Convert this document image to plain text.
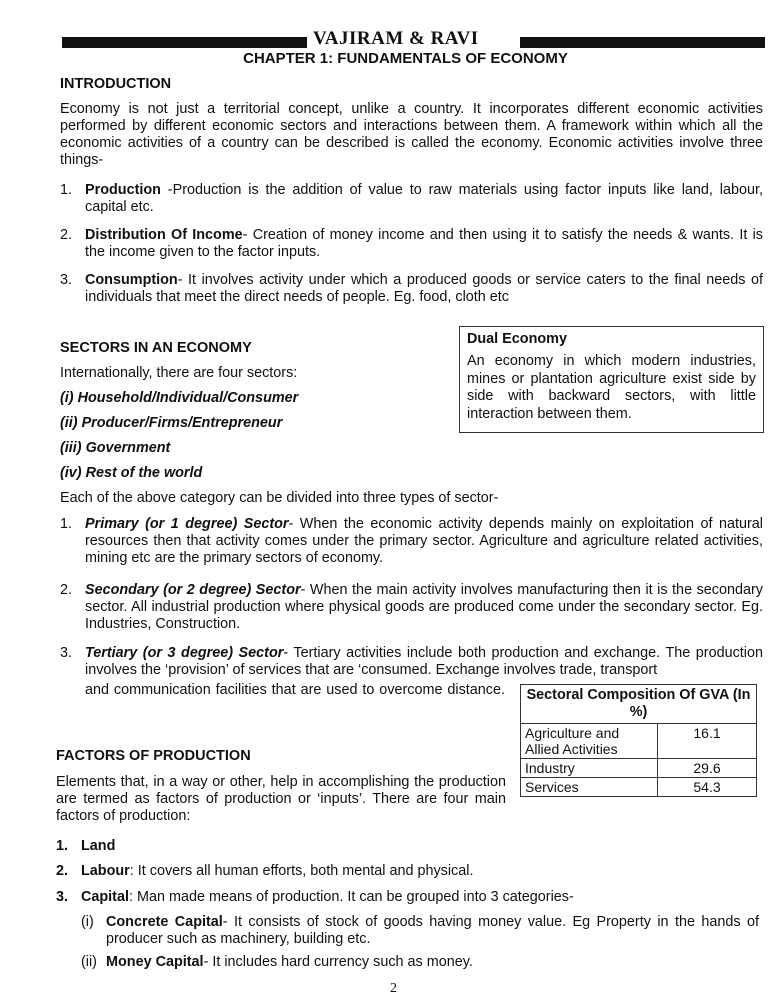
VAJIRAM & RAVI
CHAPTER 1: FUNDAMENTALS OF ECONOMY
INTRODUCTION

Economy is not just a territorial concept, unlike a country. It incorporates different economic activities performed by different economic sectors and interactions between them. A framework within which all the economic activities of a country can be described is called the economy. Economic activities involve three things-

1. Production -Production is the addition of value to raw materials using factor inputs like land, labour, capital etc.

2. Distribution Of Income- Creation of money income and then using it to satisfy the needs & wants. It is the income given to the factor inputs.

3. Consumption- It involves activity under which a produced goods or service caters to the final needs of individuals that meet the direct needs of people. Eg. food, cloth etc

Dual Economy

An economy in which modern industries, mines or plantation agriculture exist side by side with backward sectors, with little interaction between them.

SECTORS IN AN ECONOMY

Internationally, there are four sectors:

(i) Household/Individual/Consumer
(ii) Producer/Firms/Entrepreneur
(iii) Government
(iv) Rest of the world

Each of the above category can be divided into three types of sector-

1. Primary (or 1 degree) Sector- When the economic activity depends mainly on exploitation of natural resources then that activity comes under the primary sector. Agriculture and agriculture related activities, mining etc are the primary sectors of economy.

2. Secondary (or 2 degree) Sector- When the main activity involves manufacturing then it is the secondary sector. All industrial production where physical goods are produced come under the secondary sector. Eg. Industries, Construction.

3. Tertiary (or 3 degree) Sector- Tertiary activities include both production and exchange. The production involves the ‘provision’ of services that are ‘consumed. Exchange involves trade, transport

and communication facilities that are used to overcome distance.	Sectoral Composition Of GVA (In %)
Agriculture and Allied Activities	16.1
Industry	29.6
Services	54.3
FACTORS OF PRODUCTION

Elements that, in a way or other, help in accomplishing the production are termed as factors of production or ‘inputs’. There are four main factors of production:

1. Land

2. Labour: It covers all human efforts, both mental and physical.

3. Capital: Man made means of production. It can be grouped into 3 categories-

(i) Concrete Capital- It consists of stock of goods having money value. Eg Property in the hands of producer such as machinery, building etc.

(ii) Money Capital- It includes hard currency such as money.

2
